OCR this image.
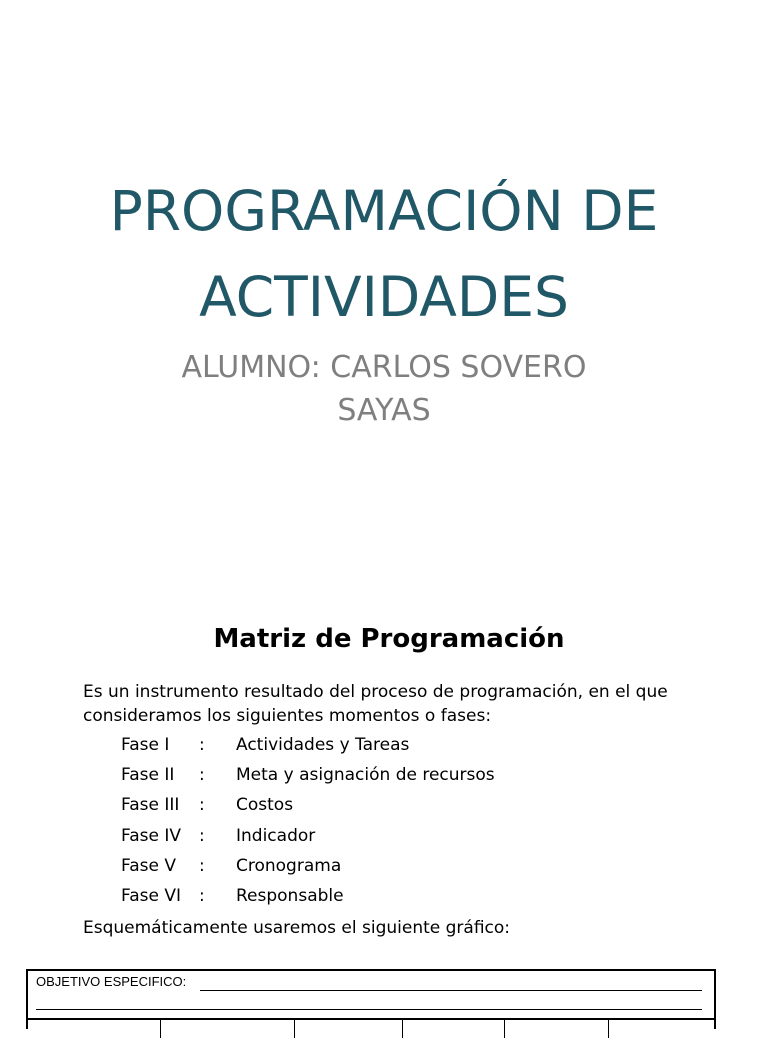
PROGRAMACIÓN DE
ACTIVIDADES

ALUMNO: CARLOS SOVERO
SAYAS

Matriz de Programación

Es un instrumento resultado del proceso de programación, en el que consideramos los siguientes momentos o fases:

Fase I	:	Actividades y Tareas
Fase II	:	Meta y asignación de recursos
Fase III	:	Costos
Fase IV	:	Indicador
Fase V	:	Cronograma
Fase VI	:	Responsable

Esquemáticamente usaremos el siguiente gráfico:

OBJETIVO ESPECIFICO:
